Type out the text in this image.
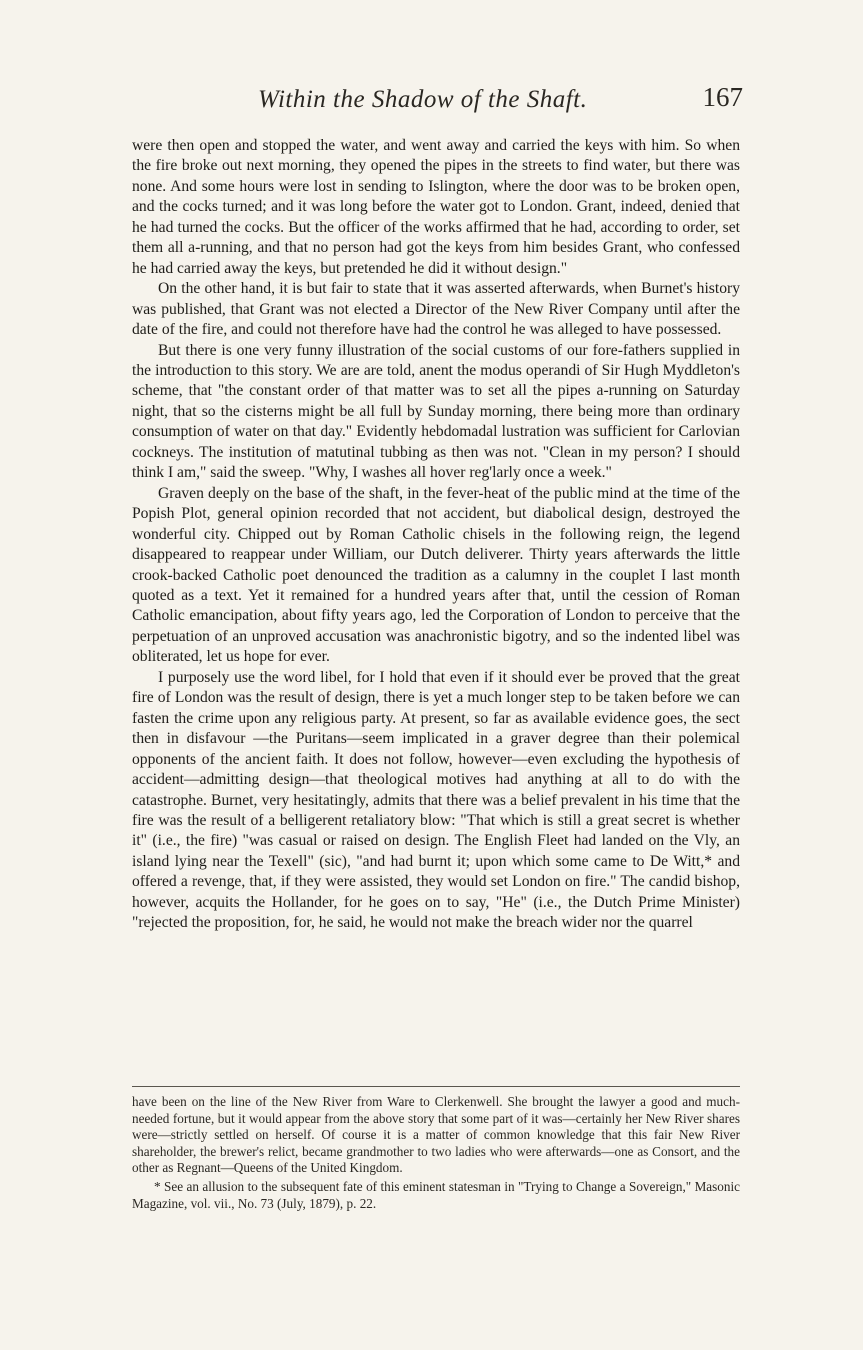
Within the Shadow of the Shaft.	167

were then open and stopped the water, and went away and carried the keys with him. So when the fire broke out next morning, they opened the pipes in the streets to find water, but there was none. And some hours were lost in sending to Islington, where the door was to be broken open, and the cocks turned; and it was long before the water got to London. Grant, indeed, denied that he had turned the cocks. But the officer of the works affirmed that he had, according to order, set them all a-running, and that no person had got the keys from him besides Grant, who confessed he had carried away the keys, but pretended he did it without design."

On the other hand, it is but fair to state that it was asserted afterwards, when Burnet's history was published, that Grant was not elected a Director of the New River Company until after the date of the fire, and could not therefore have had the control he was alleged to have possessed.

But there is one very funny illustration of the social customs of our fore-fathers supplied in the introduction to this story. We are are told, anent the modus operandi of Sir Hugh Myddleton's scheme, that "the constant order of that matter was to set all the pipes a-running on Saturday night, that so the cisterns might be all full by Sunday morning, there being more than ordinary consumption of water on that day." Evidently hebdomadal lustration was sufficient for Carlovian cockneys. The institution of matutinal tubbing as then was not. "Clean in my person? I should think I am," said the sweep. "Why, I washes all hover reg'larly once a week."

Graven deeply on the base of the shaft, in the fever-heat of the public mind at the time of the Popish Plot, general opinion recorded that not accident, but diabolical design, destroyed the wonderful city. Chipped out by Roman Catholic chisels in the following reign, the legend disappeared to reappear under William, our Dutch deliverer. Thirty years afterwards the little crook-backed Catholic poet denounced the tradition as a calumny in the couplet I last month quoted as a text. Yet it remained for a hundred years after that, until the cession of Roman Catholic emancipation, about fifty years ago, led the Corporation of London to perceive that the perpetuation of an unproved accusation was anachronistic bigotry, and so the indented libel was obliterated, let us hope for ever.

I purposely use the word libel, for I hold that even if it should ever be proved that the great fire of London was the result of design, there is yet a much longer step to be taken before we can fasten the crime upon any religious party. At present, so far as available evidence goes, the sect then in disfavour —the Puritans—seem implicated in a graver degree than their polemical opponents of the ancient faith. It does not follow, however—even excluding the hypothesis of accident—admitting design—that theological motives had anything at all to do with the catastrophe. Burnet, very hesitatingly, admits that there was a belief prevalent in his time that the fire was the result of a belligerent retaliatory blow: "That which is still a great secret is whether it" (i.e., the fire) "was casual or raised on design. The English Fleet had landed on the Vly, an island lying near the Texell" (sic), "and had burnt it; upon which some came to De Witt,* and offered a revenge, that, if they were assisted, they would set London on fire." The candid bishop, however, acquits the Hollander, for he goes on to say, "He" (i.e., the Dutch Prime Minister) "rejected the proposition, for, he said, he would not make the breach wider nor the quarrel

have been on the line of the New River from Ware to Clerkenwell. She brought the lawyer a good and much-needed fortune, but it would appear from the above story that some part of it was—certainly her New River shares were—strictly settled on herself. Of course it is a matter of common knowledge that this fair New River shareholder, the brewer's relict, became grandmother to two ladies who were afterwards—one as Consort, and the other as Regnant—Queens of the United Kingdom.

* See an allusion to the subsequent fate of this eminent statesman in "Trying to Change a Sovereign," Masonic Magazine, vol. vii., No. 73 (July, 1879), p. 22.
